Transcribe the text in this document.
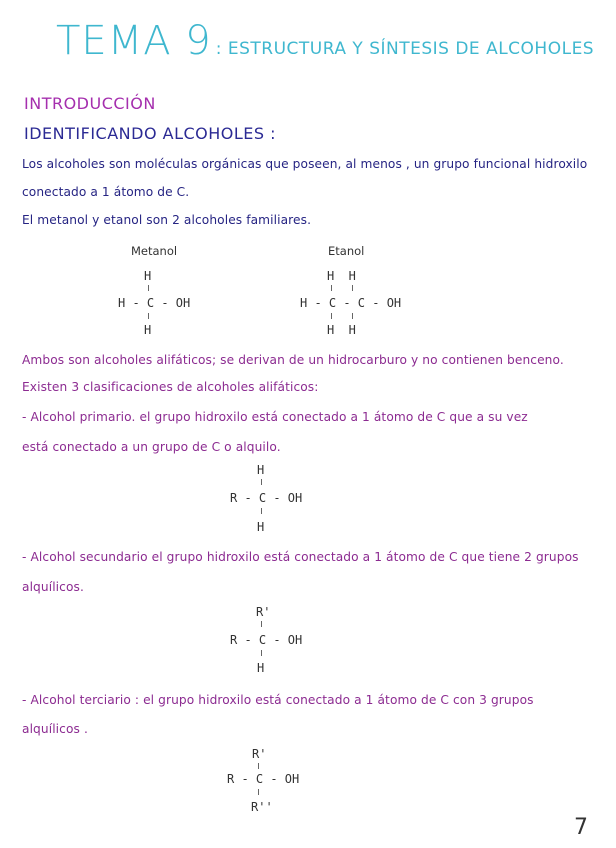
TEMA 9 : ESTRUCTURA Y SÍNTESIS DE ALCOHOLES
INTRODUCCIÓN
IDENTIFICANDO ALCOHOLES :
Los alcoholes son moléculas orgánicas que poseen, al menos , un grupo funcional hidroxilo
conectado a 1 átomo de C.
El metanol y etanol son 2 alcoholes familiares.
Metanol	Etanol
H
H - C - OH
H
H  H
H - C - C - OH
H  H
Ambos son alcoholes alifáticos; se derivan de un hidrocarburo y no contienen benceno.
Existen 3 clasificaciones de alcoholes alifáticos:
- Alcohol primario. el grupo hidroxilo está conectado a 1 átomo de C que a su vez
está conectado a un grupo de C o alquilo.
H
R - C - OH
H
- Alcohol secundario el grupo hidroxilo está conectado a 1 átomo de C que tiene 2 grupos
alquílicos.
R'
R - C - OH
H
- Alcohol terciario : el grupo hidroxilo está conectado a 1 átomo de C con 3 grupos
alquílicos .
R'
R - C - OH
R''
7
